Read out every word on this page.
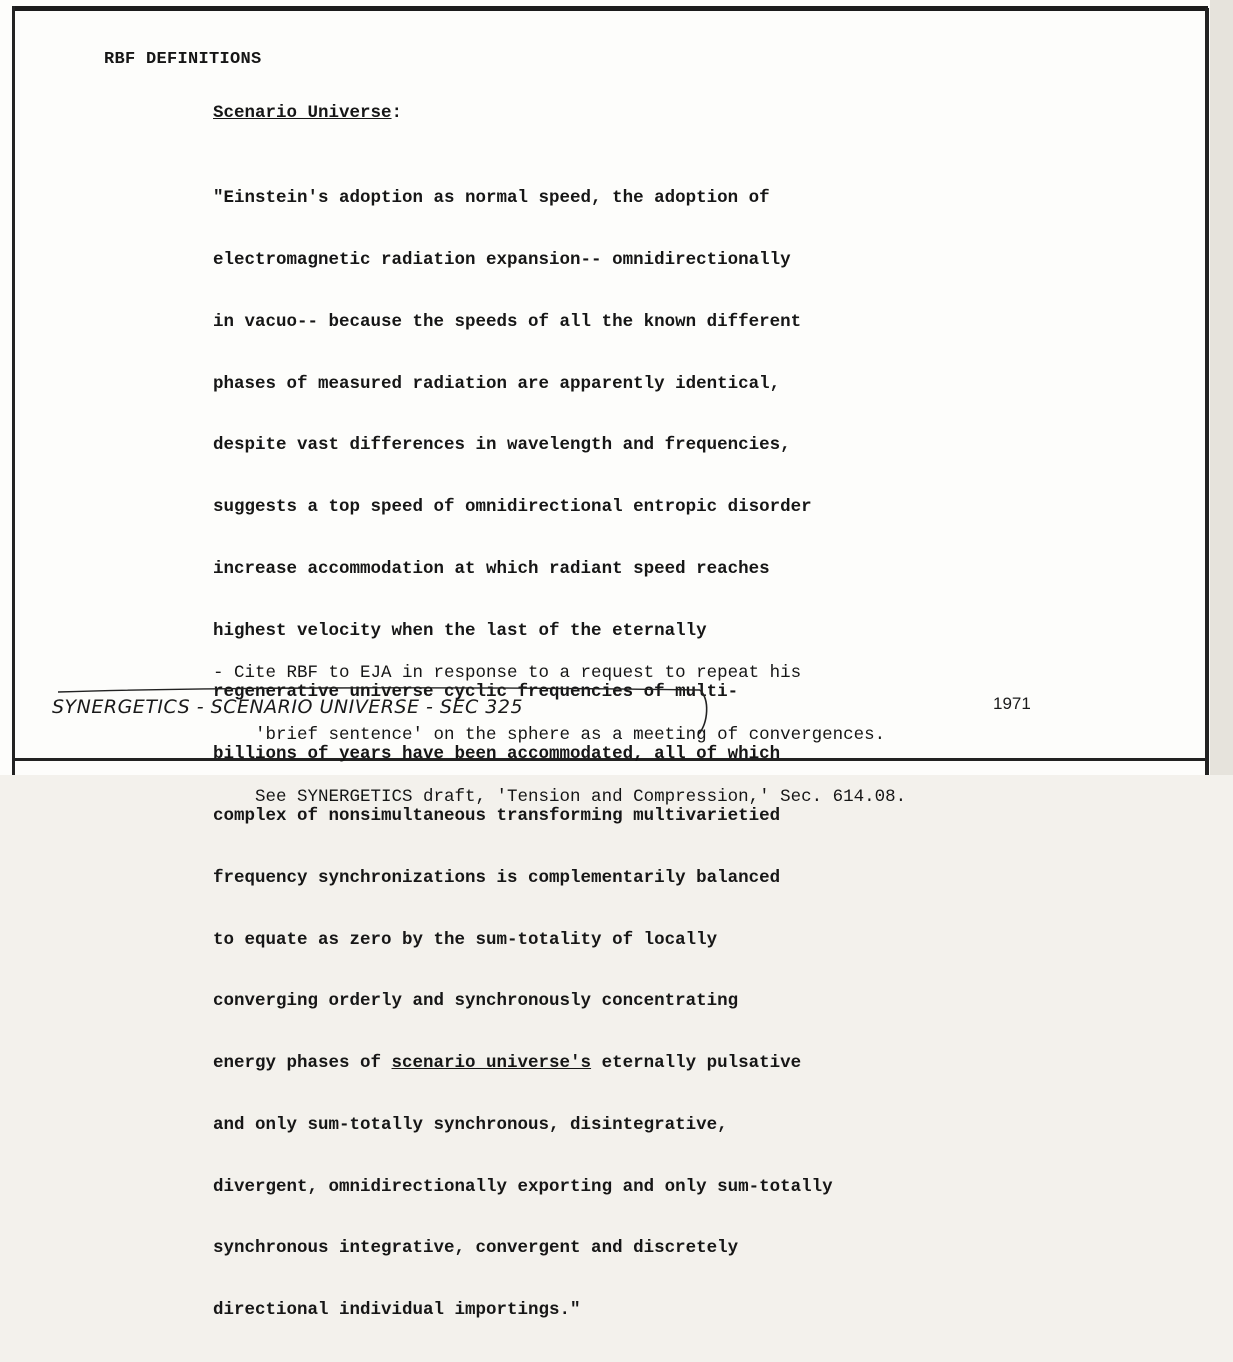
RBF DEFINITIONS

Scenario Universe:

"Einstein's adoption as normal speed, the adoption of

electromagnetic radiation expansion-- omnidirectionally

in vacuo-- because the speeds of all the known different

phases of measured radiation are apparently identical,

despite vast differences in wavelength and frequencies,

suggests a top speed of omnidirectional entropic disorder

increase accommodation at which radiant speed reaches

highest velocity when the last of the eternally

regenerative universe cyclic frequencies of multi-

billions of years have been accommodated, all of which

complex of nonsimultaneous transforming multivarietied

frequency synchronizations is complementarily balanced

to equate as zero by the sum-totality of locally

converging orderly and synchronously concentrating

energy phases of scenario universe's eternally pulsative

and only sum-totally synchronous, disintegrative,

divergent, omnidirectionally exporting and only sum-totally

synchronous integrative, convergent and discretely

directional individual importings."

- Cite RBF to EJA in response to a request to repeat his

'brief sentence' on the sphere as a meeting of convergences.

See SYNERGETICS draft, 'Tension and Compression,' Sec. 614.08.

SYNERGETICS - SCENARIO UNIVERSE - SEC 325	1971
